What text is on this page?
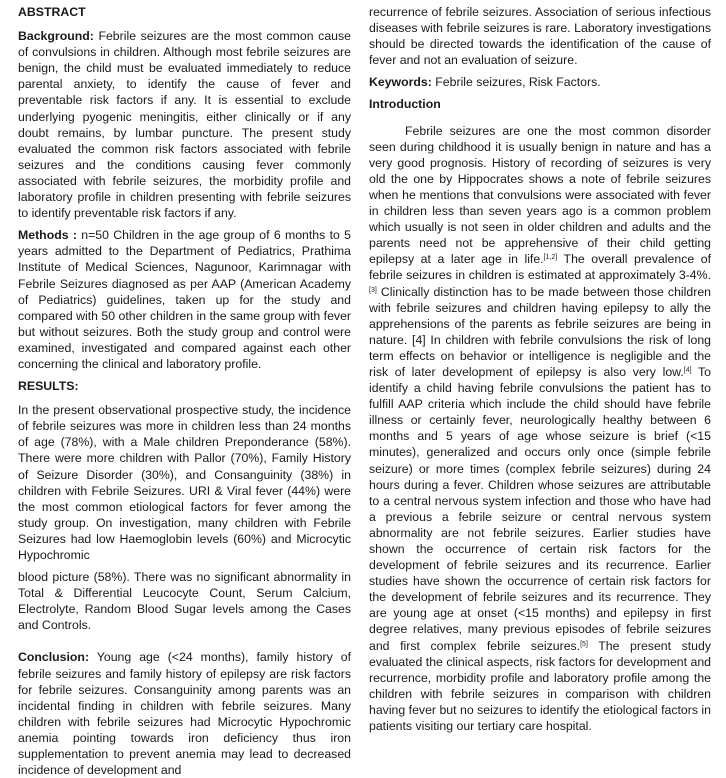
ABSTRACT

Background: Febrile seizures are the most common cause of convulsions in children. Although most febrile seizures are benign, the child must be evaluated immediately to reduce parental anxiety, to identify the cause of fever and preventable risk factors if any. It is essential to exclude underlying pyogenic meningitis, either clinically or if any doubt remains, by lumbar puncture. The present study evaluated the common risk factors associated with febrile seizures and the conditions causing fever commonly associated with febrile seizures, the morbidity profile and laboratory profile in children presenting with febrile seizures to identify preventable risk factors if any.

Methods : n=50 Children in the age group of 6 months to 5 years admitted to the Department of Pediatrics, Prathima Institute of Medical Sciences, Nagunoor, Karimnagar with Febrile Seizures diagnosed as per AAP (American Academy of Pediatrics) guidelines, taken up for the study and compared with 50 other children in the same group with fever but without seizures. Both the study group and control were examined, investigated and compared against each other concerning the clinical and laboratory profile.

RESULTS:

In the present observational prospective study, the incidence of febrile seizures was more in children less than 24 months of age (78%), with a Male children Preponderance (58%). There were more children with Pallor (70%), Family History of Seizure Disorder (30%), and Consanguinity (38%) in children with Febrile Seizures. URI & Viral fever (44%) were the most common etiological factors for fever among the study group. On investigation, many children with Febrile Seizures had low Haemoglobin levels (60%) and Microcytic Hypochromic

blood picture (58%). There was no significant abnormality in Total & Differential Leucocyte Count, Serum Calcium, Electrolyte, Random Blood Sugar levels among the Cases and Controls.

Conclusion: Young age (<24 months), family history of febrile seizures and family history of epilepsy are risk factors for febrile seizures. Consanguinity among parents was an incidental finding in children with febrile seizures. Many children with febrile seizures had Microcytic Hypochromic anemia pointing towards iron deficiency thus iron supplementation to prevent anemia may lead to decreased incidence of development and

recurrence of febrile seizures. Association of serious infectious diseases with febrile seizures is rare. Laboratory investigations should be directed towards the identification of the cause of fever and not an evaluation of seizure.

Keywords: Febrile seizures, Risk Factors.

Introduction

Febrile seizures are one the most common disorder seen during childhood it is usually benign in nature and has a very good prognosis. History of recording of seizures is very old the one by Hippocrates shows a note of febrile seizures when he mentions that convulsions were associated with fever in children less than seven years ago is a common problem which usually is not seen in older children and adults and the parents need not be apprehensive of their child getting epilepsy at a later age in life.[1,2] The overall prevalence of febrile seizures in children is estimated at approximately 3-4%.[3] Clinically distinction has to be made between those children with febrile seizures and children having epilepsy to ally the apprehensions of the parents as febrile seizures are being in nature. [4] In children with febrile convulsions the risk of long term effects on behavior or intelligence is negligible and the risk of later development of epilepsy is also very low.[4] To identify a child having febrile convulsions the patient has to fulfill AAP criteria which include the child should have febrile illness or certainly fever, neurologically healthy between 6 months and 5 years of age whose seizure is brief (<15 minutes), generalized and occurs only once (simple febrile seizure) or more times (complex febrile seizures) during 24 hours during a fever. Children whose seizures are attributable to a central nervous system infection and those who have had a previous a febrile seizure or central nervous system abnormality are not febrile seizures. Earlier studies have shown the occurrence of certain risk factors for the development of febrile seizures and its recurrence. Earlier studies have shown the occurrence of certain risk factors for the development of febrile seizures and its recurrence. They are young age at onset (<15 months) and epilepsy in first degree relatives, many previous episodes of febrile seizures and first complex febrile seizures.[5] The present study evaluated the clinical aspects, risk factors for development and recurrence, morbidity profile and laboratory profile among the children with febrile seizures in comparison with children having fever but no seizures to identify the etiological factors in patients visiting our tertiary care hospital.
